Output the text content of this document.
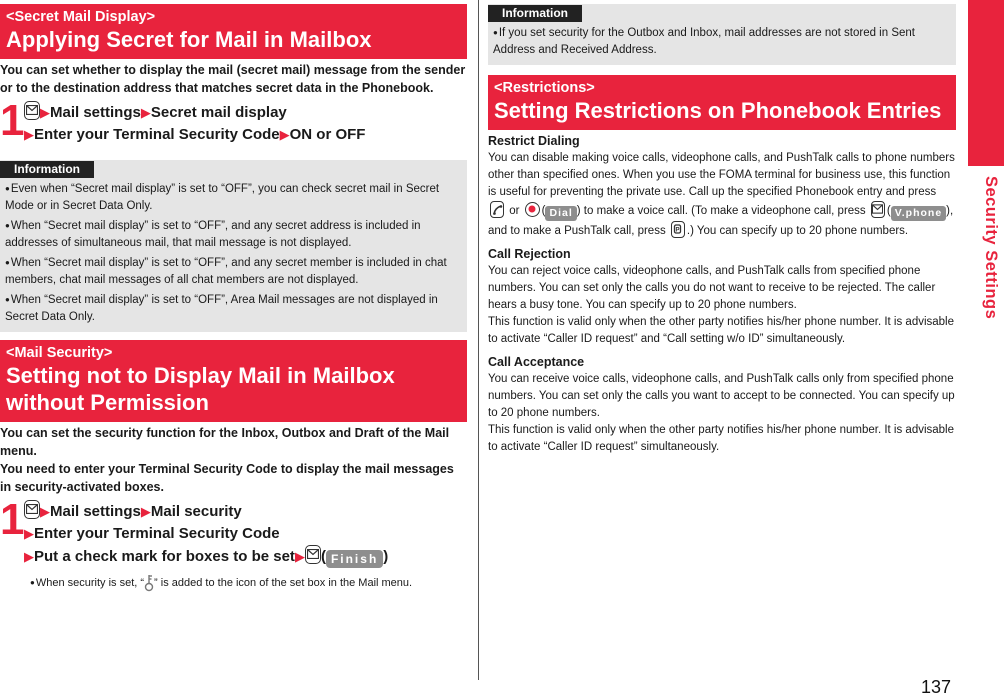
<Secret Mail Display>
Applying Secret for Mail in Mailbox

You can set whether to display the mail (secret mail) message from the sender or to the destination address that matches secret data in the Phonebook.

1	▶Mail settings▶Secret mail display
▶Enter your Terminal Security Code▶ON or OFF
Information
●Even when “Secret mail display” is set to “OFF”, you can check secret mail in Secret Mode or in Secret Data Only.
●When “Secret mail display” is set to “OFF”, and any secret address is included in addresses of simultaneous mail, that mail message is not displayed.
●When “Secret mail display” is set to “OFF”, and any secret member is included in chat members, chat mail messages of all chat members are not displayed.
●When “Secret mail display” is set to “OFF”, Area Mail messages are not displayed in Secret Data Only.
<Mail Security>
Setting not to Display Mail in Mailbox
without Permission

You can set the security function for the Inbox, Outbox and Draft of the Mail menu.

You need to enter your Terminal Security Code to display the mail messages in security-activated boxes.

1	▶Mail settings▶Mail security
▶Enter your Terminal Security Code
▶Put a check mark for boxes to be set▶ ( Finish )
●When security is set, “ ” is added to the icon of the set box in the Mail menu.
Information
●If you set security for the Outbox and Inbox, mail addresses are not stored in Sent Address and Received Address.
<Restrictions>
Setting Restrictions on Phonebook Entries
Restrict Dialing

You can disable making voice calls, videophone calls, and PushTalk calls to phone numbers other than specified ones. When you use the FOMA terminal for business use, this function is useful for preventing the private use. Call up the specified Phonebook entry and press
or ( Dial ) to make a voice call. (To make a videophone call, press ( V.phone ), and to make a PushTalk call, press P .) You can specify up to 20 phone numbers.

Call Rejection

You can reject voice calls, videophone calls, and PushTalk calls from specified phone numbers. You can set only the calls you do not want to receive to be rejected. The caller hears a busy tone. You can specify up to 20 phone numbers.

This function is valid only when the other party notifies his/her phone number. It is advisable to activate “Caller ID request” and “Call setting w/o ID” simultaneously.

Call Acceptance

You can receive voice calls, videophone calls, and PushTalk calls only from specified phone numbers. You can set only the calls you want to accept to be connected. You can specify up to 20 phone numbers.

This function is valid only when the other party notifies his/her phone number. It is advisable to activate “Caller ID request” simultaneously.

Security Settings
137
